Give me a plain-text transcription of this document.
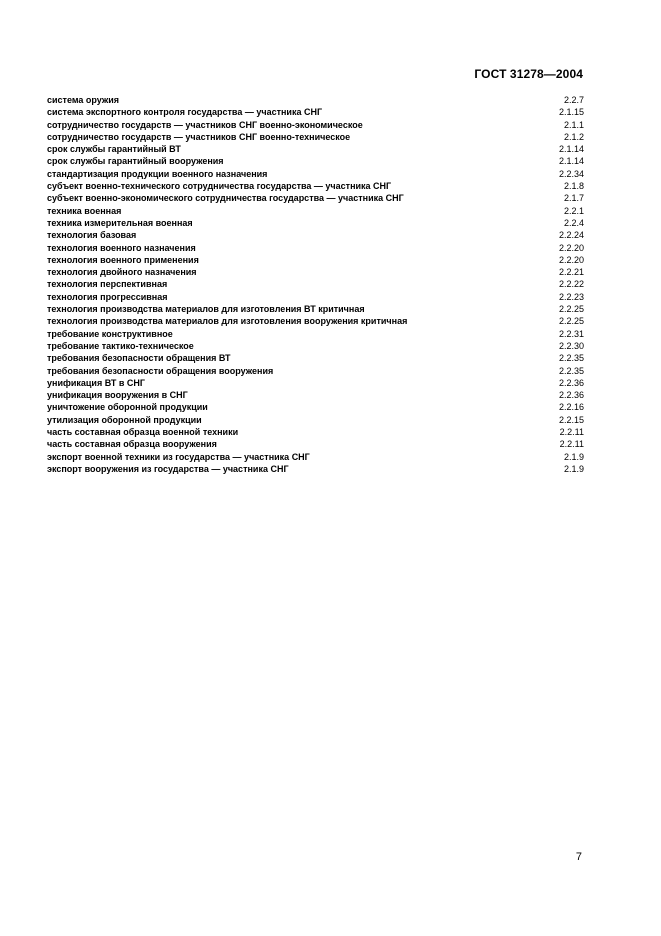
ГОСТ 31278—2004
система оружия	2.2.7
система экспортного контроля государства — участника СНГ	2.1.15
сотрудничество государств — участников СНГ военно-экономическое	2.1.1
сотрудничество государств — участников СНГ военно-техническое	2.1.2
срок службы гарантийный ВТ	2.1.14
срок службы гарантийный вооружения	2.1.14
стандартизация продукции военного назначения	2.2.34
субъект военно-технического сотрудничества государства — участника СНГ	2.1.8
субъект военно-экономического сотрудничества государства — участника СНГ	2.1.7
техника военная	2.2.1
техника измерительная военная	2.2.4
технология базовая	2.2.24
технология военного назначения	2.2.20
технология военного применения	2.2.20
технология двойного назначения	2.2.21
технология перспективная	2.2.22
технология прогрессивная	2.2.23
технология производства материалов для изготовления ВТ критичная	2.2.25
технология производства материалов для изготовления вооружения критичная	2.2.25
требование конструктивное	2.2.31
требование тактико-техническое	2.2.30
требования безопасности обращения ВТ	2.2.35
требования безопасности обращения вооружения	2.2.35
унификация ВТ в СНГ	2.2.36
унификация вооружения в СНГ	2.2.36
уничтожение оборонной продукции	2.2.16
утилизация оборонной продукции	2.2.15
часть составная образца военной техники	2.2.11
часть составная образца вооружения	2.2.11
экспорт военной техники из государства — участника СНГ	2.1.9
экспорт вооружения из государства — участника СНГ	2.1.9
7
